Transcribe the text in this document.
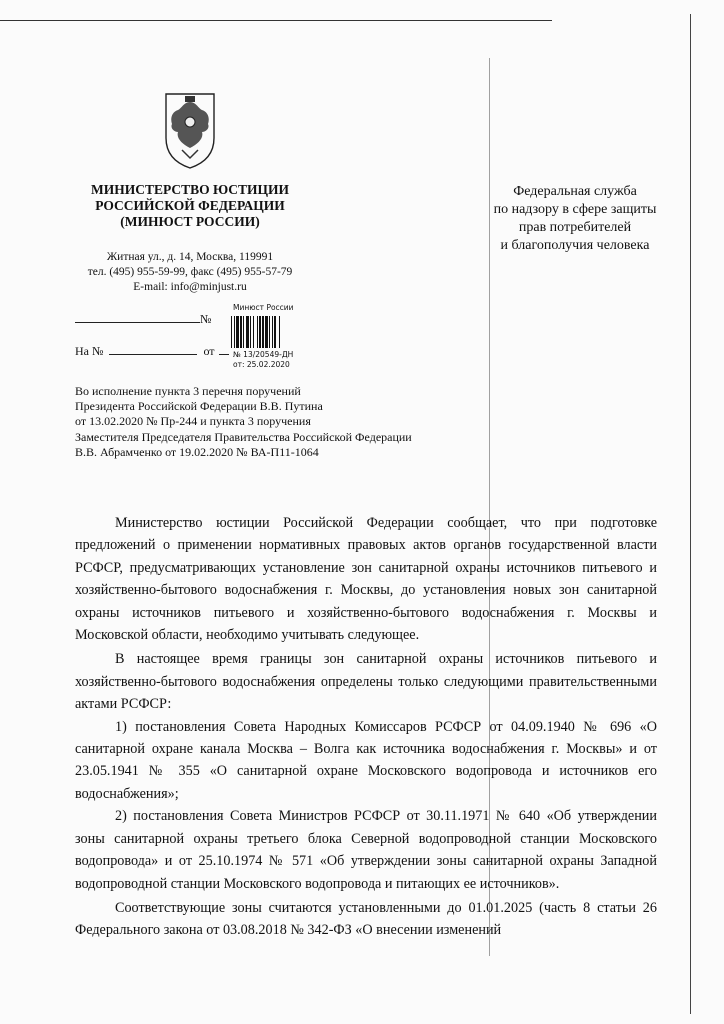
МИНИСТЕРСТВО ЮСТИЦИИ
РОССИЙСКОЙ ФЕДЕРАЦИИ
(МИНЮСТ РОССИИ)
Житная ул., д. 14, Москва, 119991
тел. (495) 955-59-99, факс (495) 955-57-79
E-mail: info@minjust.ru
Федеральная служба
по надзору в сфере защиты
прав потребителей
и благополучия человека
№
На №	от
Минюст России
№ 13/20549-ДН
от: 25.02.2020
Во исполнение пункта 3 перечня поручений
Президента Российской Федерации В.В. Путина
от 13.02.2020 № Пр-244 и пункта 3 поручения
Заместителя Председателя Правительства Российской Федерации
В.В. Абрамченко от 19.02.2020 № ВА-П11-1064

Министерство юстиции Российской Федерации сообщает, что при подготовке предложений о применении нормативных правовых актов органов государственной власти РСФСР, предусматривающих установление зон санитарной охраны источников питьевого и хозяйственно-бытового водоснабжения г. Москвы, до установления новых зон санитарной охраны источников питьевого и хозяйственно-бытового водоснабжения г. Москвы и Московской области, необходимо учитывать следующее.

В настоящее время границы зон санитарной охраны источников питьевого и хозяйственно-бытового водоснабжения определены только следующими правительственными актами РСФСР:

1) постановления Совета Народных Комиссаров РСФСР от 04.09.1940 № 696 «О санитарной охране канала Москва – Волга как источника водоснабжения г. Москвы» и от 23.05.1941 № 355 «О санитарной охране Московского водопровода и источников его водоснабжения»;

2) постановления Совета Министров РСФСР от 30.11.1971 № 640 «Об утверждении зоны санитарной охраны третьего блока Северной водопроводной станции Московского водопровода» и от 25.10.1974 № 571 «Об утверждении зоны санитарной охраны Западной водопроводной станции Московского водопровода и питающих ее источников».

Соответствующие зоны считаются установленными до 01.01.2025 (часть 8 статьи 26 Федерального закона от 03.08.2018 № 342-ФЗ «О внесении изменений
